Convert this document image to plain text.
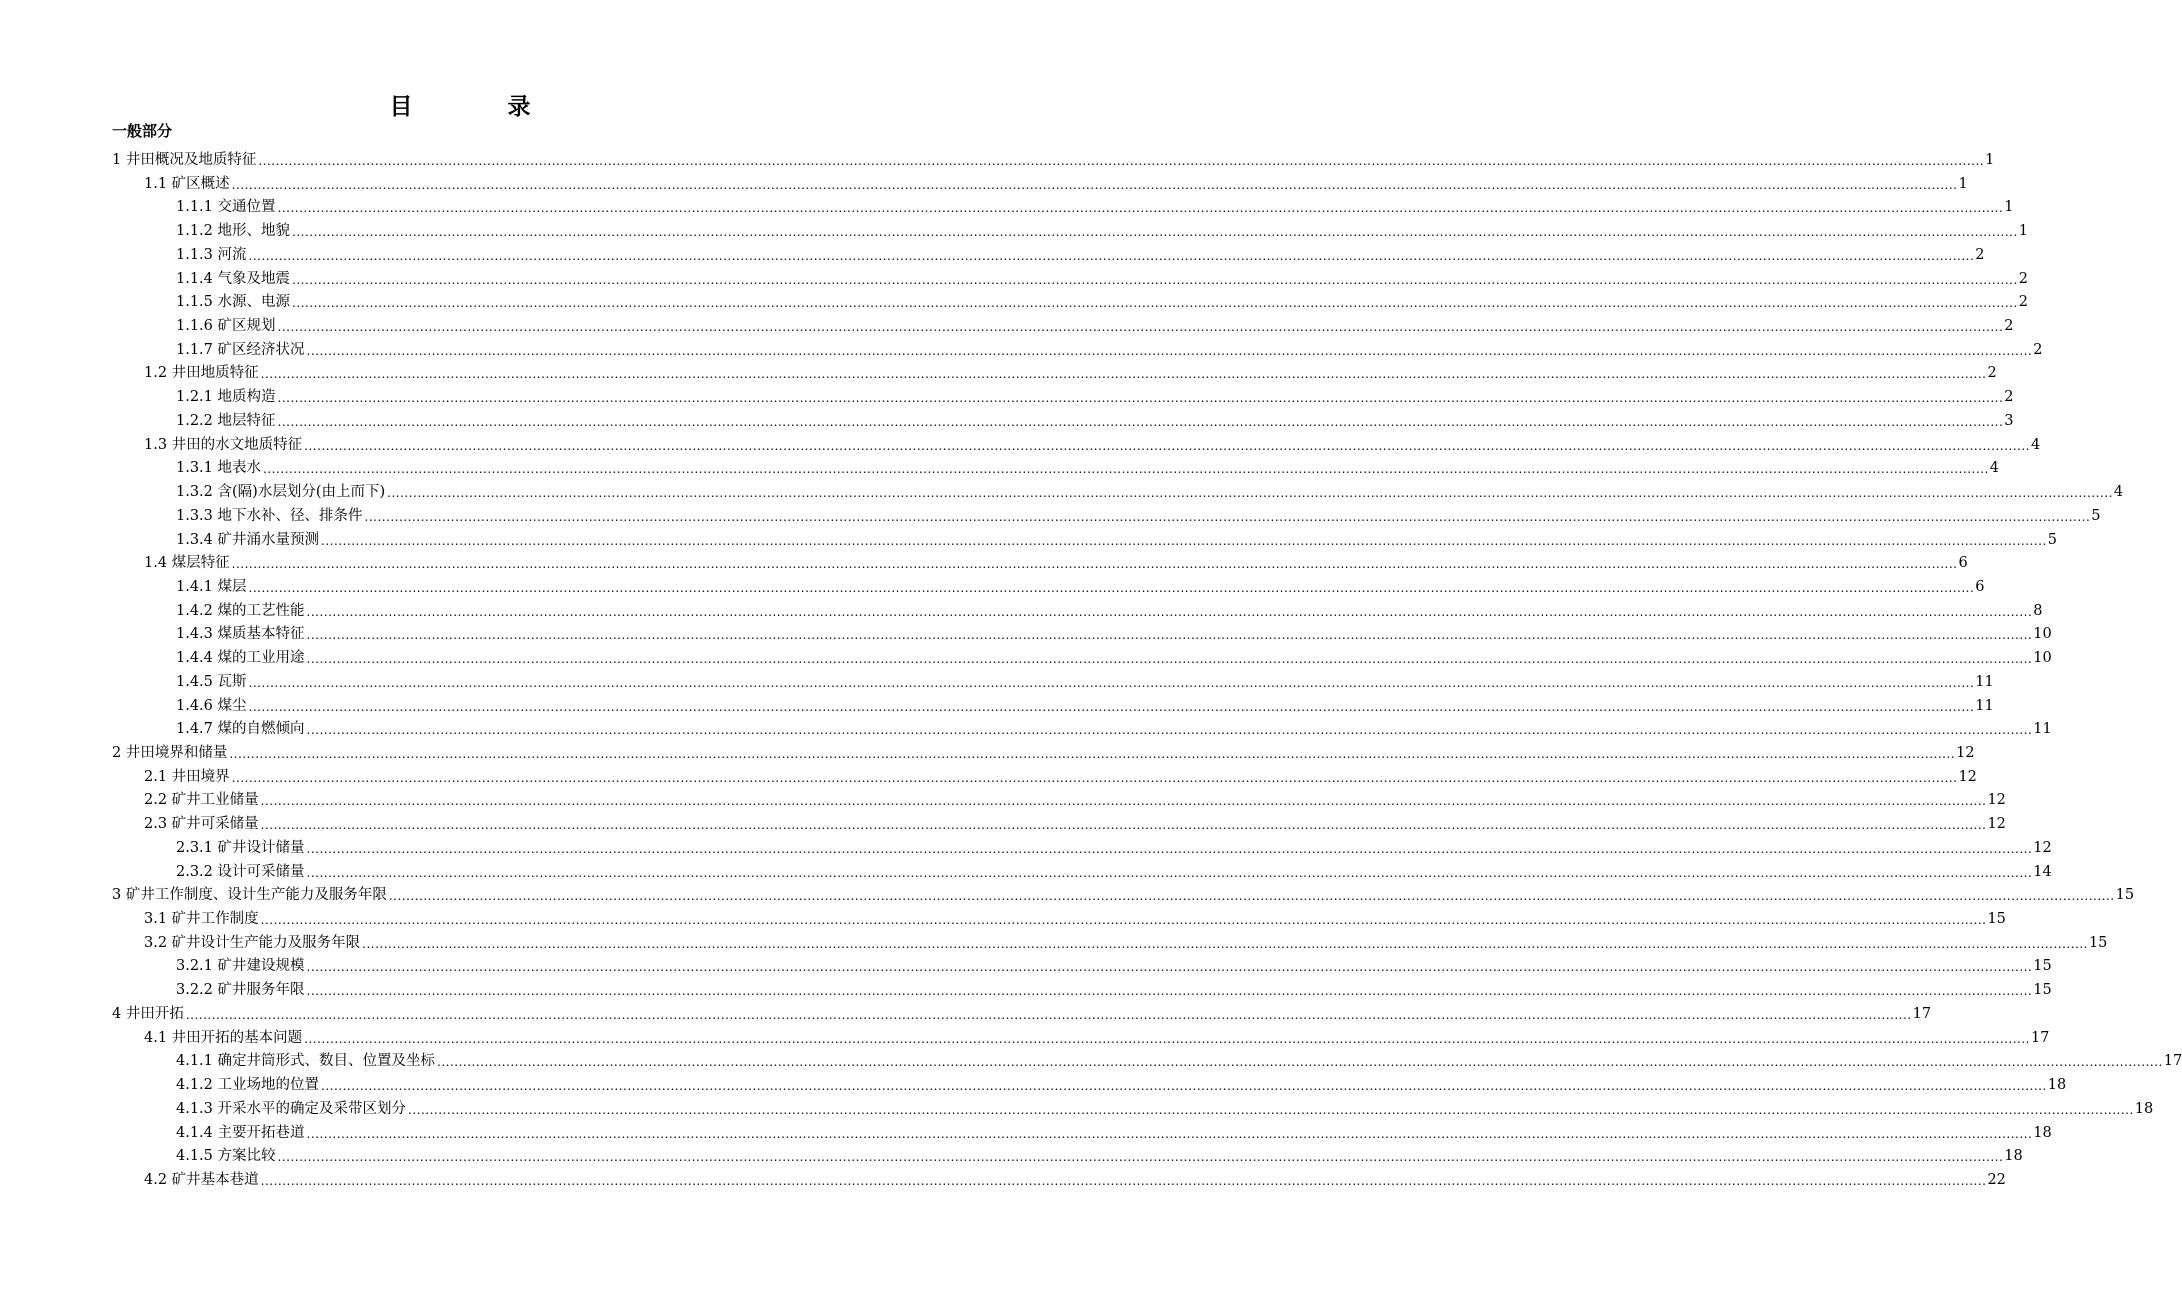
目　录
一般部分
1 井田概况及地质特征 ................................................................................................................................................................................................................................................................................................................................................................................................................ 1
1.1 矿区概述 ................................................................................................................................................................................................................................................................................................................................................................................................................ 1
1.1.1 交通位置 ................................................................................................................................................................................................................................................................................................................................................................................................................ 1
1.1.2 地形、地貌 ................................................................................................................................................................................................................................................................................................................................................................................................................ 1
1.1.3 河流 ................................................................................................................................................................................................................................................................................................................................................................................................................ 2
1.1.4 气象及地震 ................................................................................................................................................................................................................................................................................................................................................................................................................ 2
1.1.5 水源、电源 ................................................................................................................................................................................................................................................................................................................................................................................................................ 2
1.1.6 矿区规划 ................................................................................................................................................................................................................................................................................................................................................................................................................ 2
1.1.7 矿区经济状况 ................................................................................................................................................................................................................................................................................................................................................................................................................ 2
1.2 井田地质特征 ................................................................................................................................................................................................................................................................................................................................................................................................................ 2
1.2.1 地质构造 ................................................................................................................................................................................................................................................................................................................................................................................................................ 2
1.2.2 地层特征 ................................................................................................................................................................................................................................................................................................................................................................................................................ 3
1.3 井田的水文地质特征 ................................................................................................................................................................................................................................................................................................................................................................................................................ 4
1.3.1 地表水 ................................................................................................................................................................................................................................................................................................................................................................................................................ 4
1.3.2 含(隔)水层划分(由上而下) ................................................................................................................................................................................................................................................................................................................................................................................................................ 4
1.3.3 地下水补、径、排条件 ................................................................................................................................................................................................................................................................................................................................................................................................................ 5
1.3.4 矿井涌水量预测 ................................................................................................................................................................................................................................................................................................................................................................................................................ 5
1.4 煤层特征 ................................................................................................................................................................................................................................................................................................................................................................................................................ 6
1.4.1 煤层 ................................................................................................................................................................................................................................................................................................................................................................................................................ 6
1.4.2 煤的工艺性能 ................................................................................................................................................................................................................................................................................................................................................................................................................ 8
1.4.3 煤质基本特征 ................................................................................................................................................................................................................................................................................................................................................................................................................ 10
1.4.4 煤的工业用途 ................................................................................................................................................................................................................................................................................................................................................................................................................ 10
1.4.5 瓦斯 ................................................................................................................................................................................................................................................................................................................................................................................................................ 11
1.4.6 煤尘 ................................................................................................................................................................................................................................................................................................................................................................................................................ 11
1.4.7 煤的自燃倾向 ................................................................................................................................................................................................................................................................................................................................................................................................................ 11
2 井田境界和储量 ................................................................................................................................................................................................................................................................................................................................................................................................................ 12
2.1 井田境界 ................................................................................................................................................................................................................................................................................................................................................................................................................ 12
2.2 矿井工业储量 ................................................................................................................................................................................................................................................................................................................................................................................................................ 12
2.3 矿井可采储量 ................................................................................................................................................................................................................................................................................................................................................................................................................ 12
2.3.1 矿井设计储量 ................................................................................................................................................................................................................................................................................................................................................................................................................ 12
2.3.2 设计可采储量 ................................................................................................................................................................................................................................................................................................................................................................................................................ 14
3 矿井工作制度、设计生产能力及服务年限 ................................................................................................................................................................................................................................................................................................................................................................................................................ 15
3.1 矿井工作制度 ................................................................................................................................................................................................................................................................................................................................................................................................................ 15
3.2 矿井设计生产能力及服务年限 ................................................................................................................................................................................................................................................................................................................................................................................................................ 15
3.2.1 矿井建设规模 ................................................................................................................................................................................................................................................................................................................................................................................................................ 15
3.2.2 矿井服务年限 ................................................................................................................................................................................................................................................................................................................................................................................................................ 15
4 井田开拓 ................................................................................................................................................................................................................................................................................................................................................................................................................ 17
4.1 井田开拓的基本问题 ................................................................................................................................................................................................................................................................................................................................................................................................................ 17
4.1.1 确定井筒形式、数目、位置及坐标 ................................................................................................................................................................................................................................................................................................................................................................................................................ 17
4.1.2 工业场地的位置 ................................................................................................................................................................................................................................................................................................................................................................................................................ 18
4.1.3 开采水平的确定及采带区划分 ................................................................................................................................................................................................................................................................................................................................................................................................................ 18
4.1.4 主要开拓巷道 ................................................................................................................................................................................................................................................................................................................................................................................................................ 18
4.1.5 方案比较 ................................................................................................................................................................................................................................................................................................................................................................................................................ 18
4.2 矿井基本巷道 ................................................................................................................................................................................................................................................................................................................................................................................................................ 22
